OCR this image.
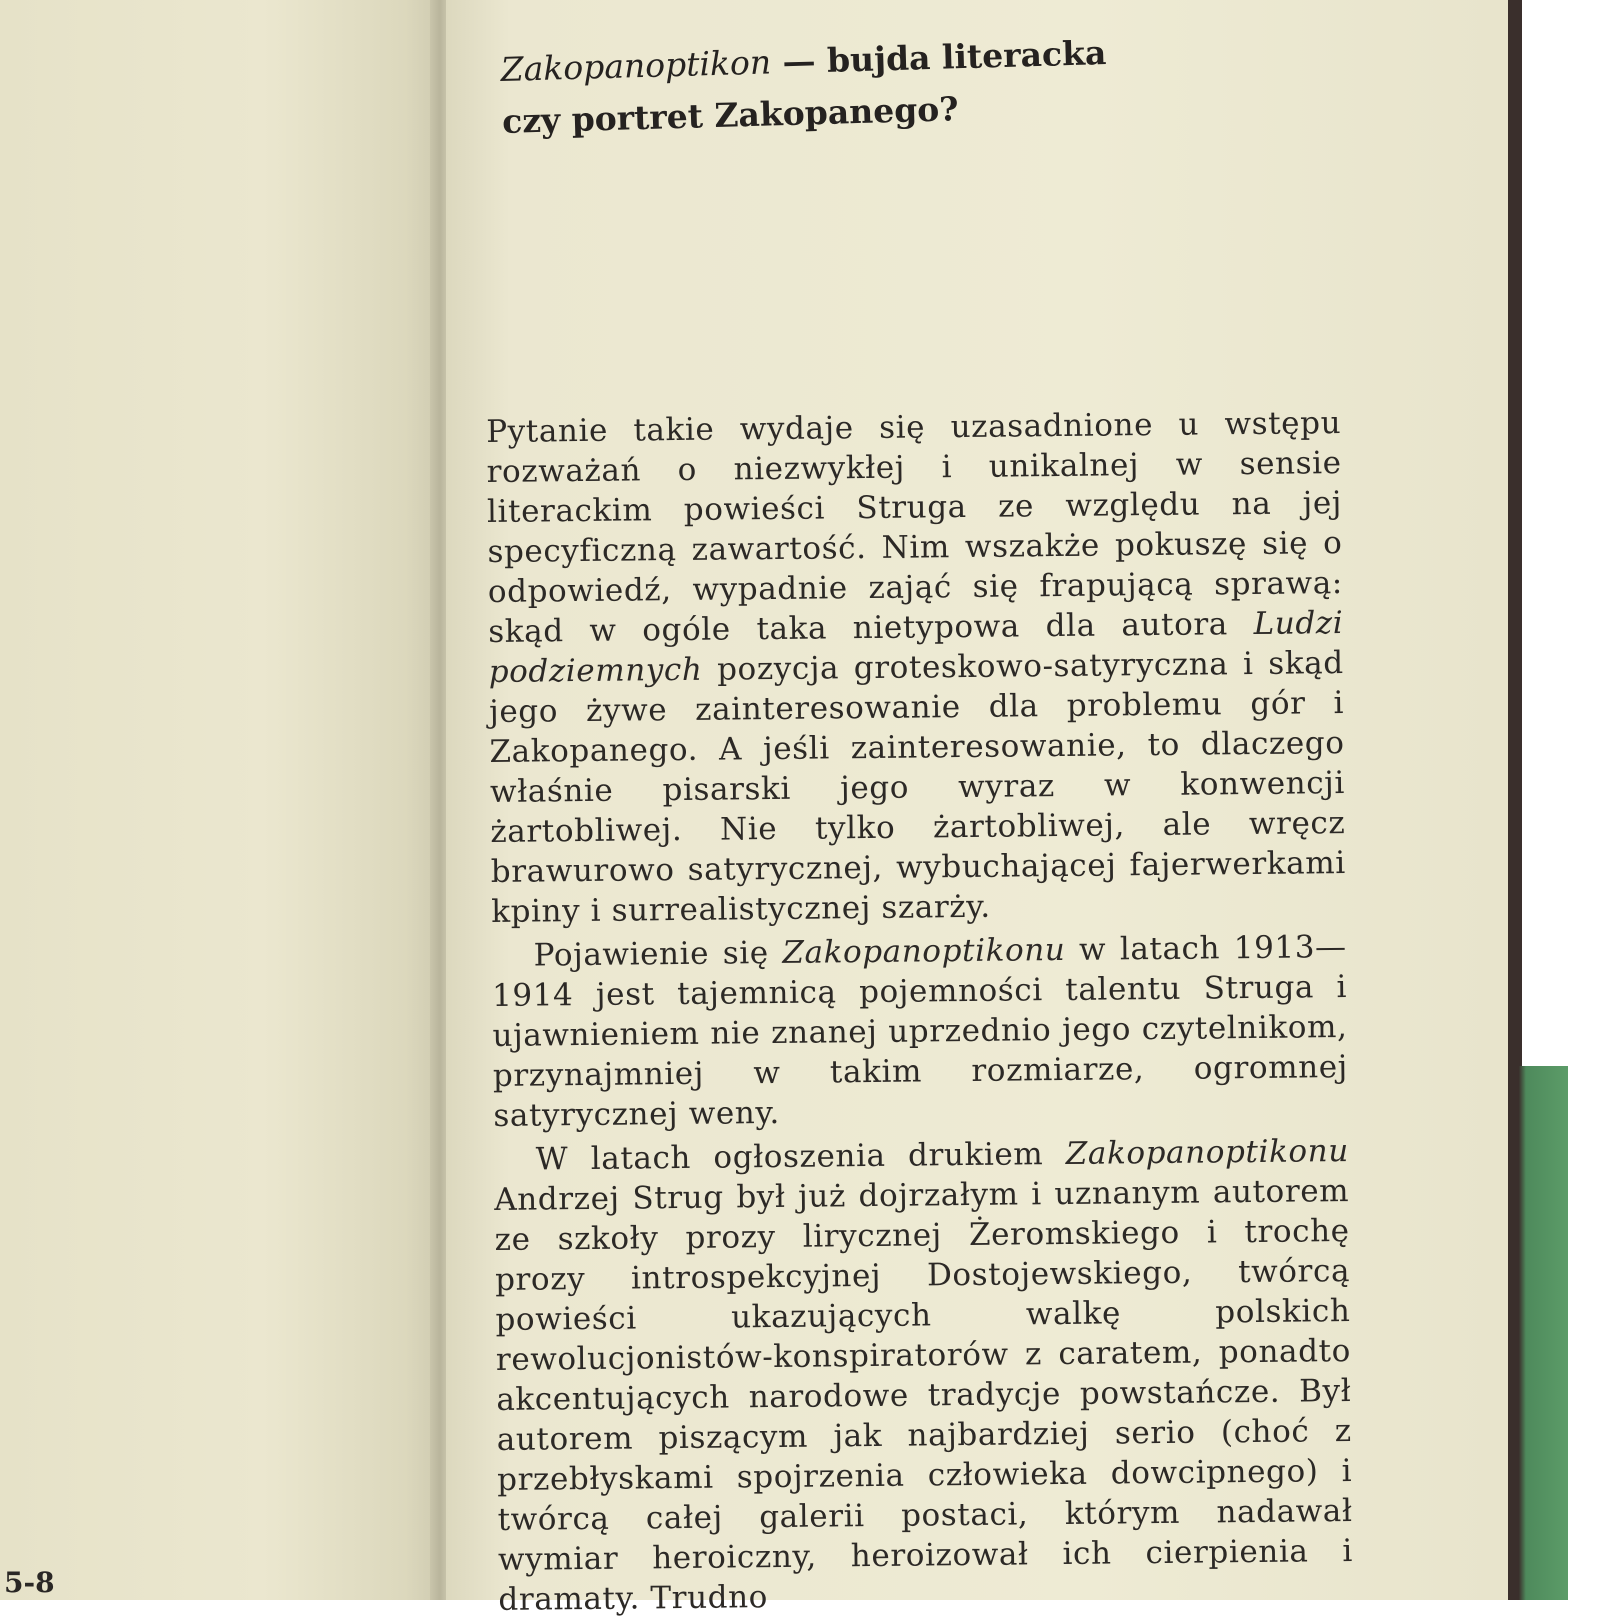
5-8
Zakopanoptikon — bujda literacka
czy portret Zakopanego?

Pytanie takie wydaje się uzasadnione u wstępu rozważań o niezwykłej i unikalnej w sensie literackim powieści Struga ze względu na jej specyficzną zawartość. Nim wszakże pokuszę się o odpowiedź, wypadnie zająć się frapującą sprawą: skąd w ogóle taka nietypowa dla autora Ludzi podziemnych pozycja groteskowo-satyryczna i skąd jego żywe zainteresowanie dla problemu gór i Zakopanego. A jeśli zainteresowanie, to dlaczego właśnie pisarski jego wyraz w konwencji żartobliwej. Nie tylko żartobliwej, ale wręcz brawurowo satyrycznej, wybuchającej fajerwerkami kpiny i surrealistycznej szarży.

Pojawienie się Zakopanoptikonu w latach 1913—1914 jest tajemnicą pojemności talentu Struga i ujawnieniem nie znanej uprzednio jego czytelnikom, przynajmniej w takim rozmiarze, ogromnej satyrycznej weny.

W latach ogłoszenia drukiem Zakopanoptikonu Andrzej Strug był już dojrzałym i uznanym autorem ze szkoły prozy lirycznej Żeromskiego i trochę prozy introspekcyjnej Dostojewskiego, twórcą powieści ukazujących walkę polskich rewolucjonistów-konspiratorów z caratem, ponadto akcentujących narodowe tradycje powstańcze. Był autorem piszącym jak najbardziej serio (choć z przebłyskami spojrzenia człowieka dowcipnego) i twórcą całej galerii postaci, którym nadawał wymiar heroiczny, heroizował ich cierpienia i dramaty. Trudno
